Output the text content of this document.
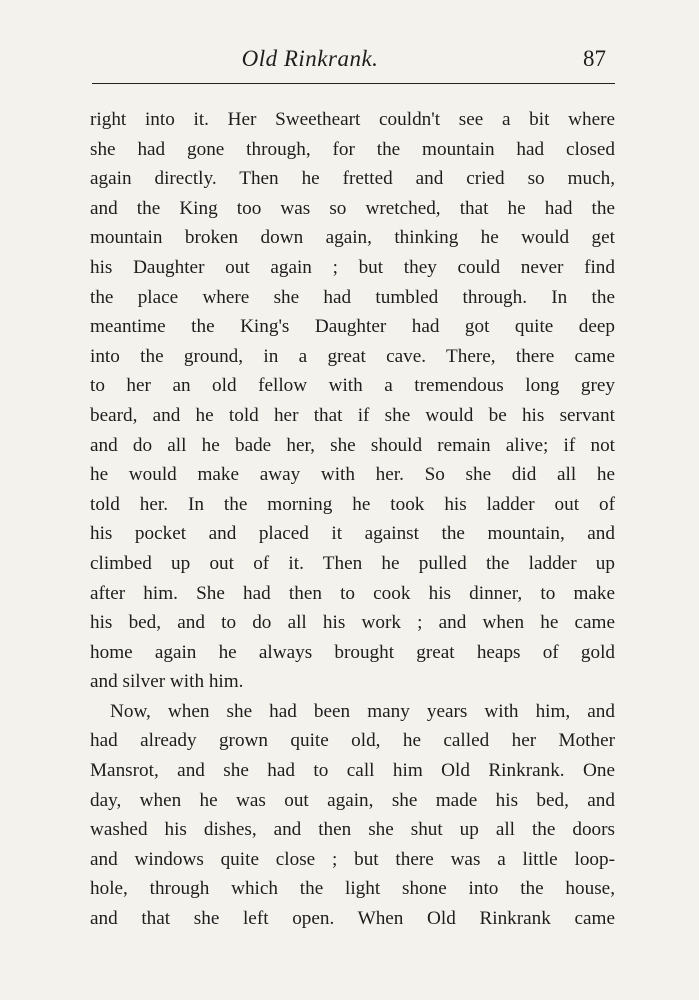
Old Rinkrank.	87
right into it. Her Sweetheart couldn't see a bit where
she had gone through, for the mountain had closed
again directly. Then he fretted and cried so much,
and the King too was so wretched, that he had the
mountain broken down again, thinking he would get
his Daughter out again ; but they could never find
the place where she had tumbled through. In the
meantime the King's Daughter had got quite deep
into the ground, in a great cave. There, there came
to her an old fellow with a tremendous long grey
beard, and he told her that if she would be his servant
and do all he bade her, she should remain alive; if not
he would make away with her. So she did all he
told her. In the morning he took his ladder out of
his pocket and placed it against the mountain, and
climbed up out of it. Then he pulled the ladder up
after him. She had then to cook his dinner, to make
his bed, and to do all his work ; and when he came
home again he always brought great heaps of gold
and silver with him.
Now, when she had been many years with him, and
had already grown quite old, he called her Mother
Mansrot, and she had to call him Old Rinkrank. One
day, when he was out again, she made his bed, and
washed his dishes, and then she shut up all the doors
and windows quite close ; but there was a little loop-
hole, through which the light shone into the house,
and that she left open. When Old Rinkrank came
